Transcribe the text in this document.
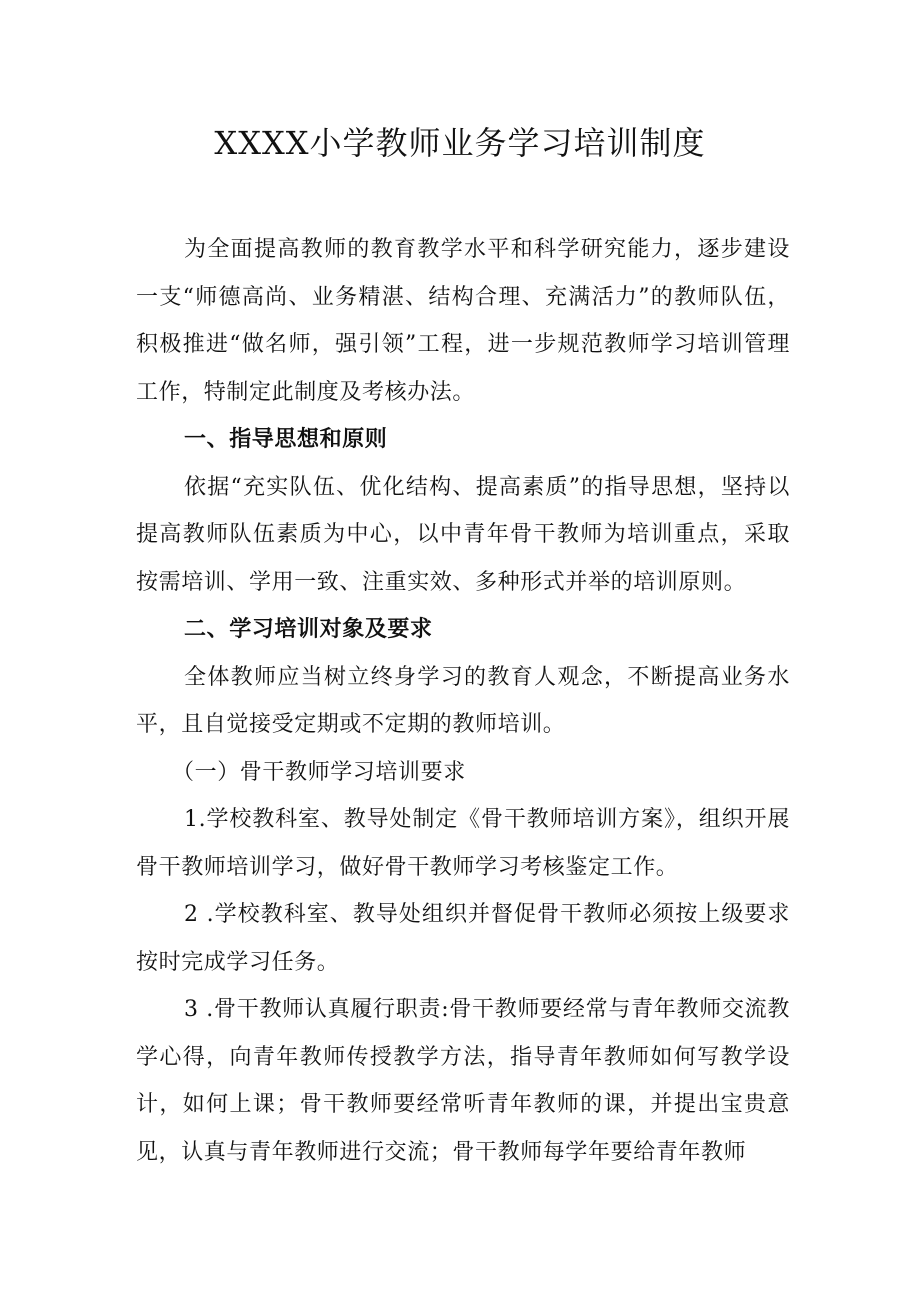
XXXX小学教师业务学习培训制度

为全面提高教师的教育教学水平和科学研究能力，逐步建设一支“师德高尚、业务精湛、结构合理、充满活力”的教师队伍，积极推进“做名师，强引领”工程，进一步规范教师学习培训管理工作，特制定此制度及考核办法。

一、指导思想和原则

依据“充实队伍、优化结构、提高素质”的指导思想，坚持以提高教师队伍素质为中心，以中青年骨干教师为培训重点，采取按需培训、学用一致、注重实效、多种形式并举的培训原则。

二、学习培训对象及要求

全体教师应当树立终身学习的教育人观念，不断提高业务水平，且自觉接受定期或不定期的教师培训。

（一）骨干教师学习培训要求

1.学校教科室、教导处制定《骨干教师培训方案》，组织开展骨干教师培训学习，做好骨干教师学习考核鉴定工作。

2 .学校教科室、教导处组织并督促骨干教师必须按上级要求按时完成学习任务。

3 .骨干教师认真履行职责:骨干教师要经常与青年教师交流教学心得，向青年教师传授教学方法，指导青年教师如何写教学设计，如何上课；骨干教师要经常听青年教师的课，并提出宝贵意见，认真与青年教师进行交流；骨干教师每学年要给青年教师
